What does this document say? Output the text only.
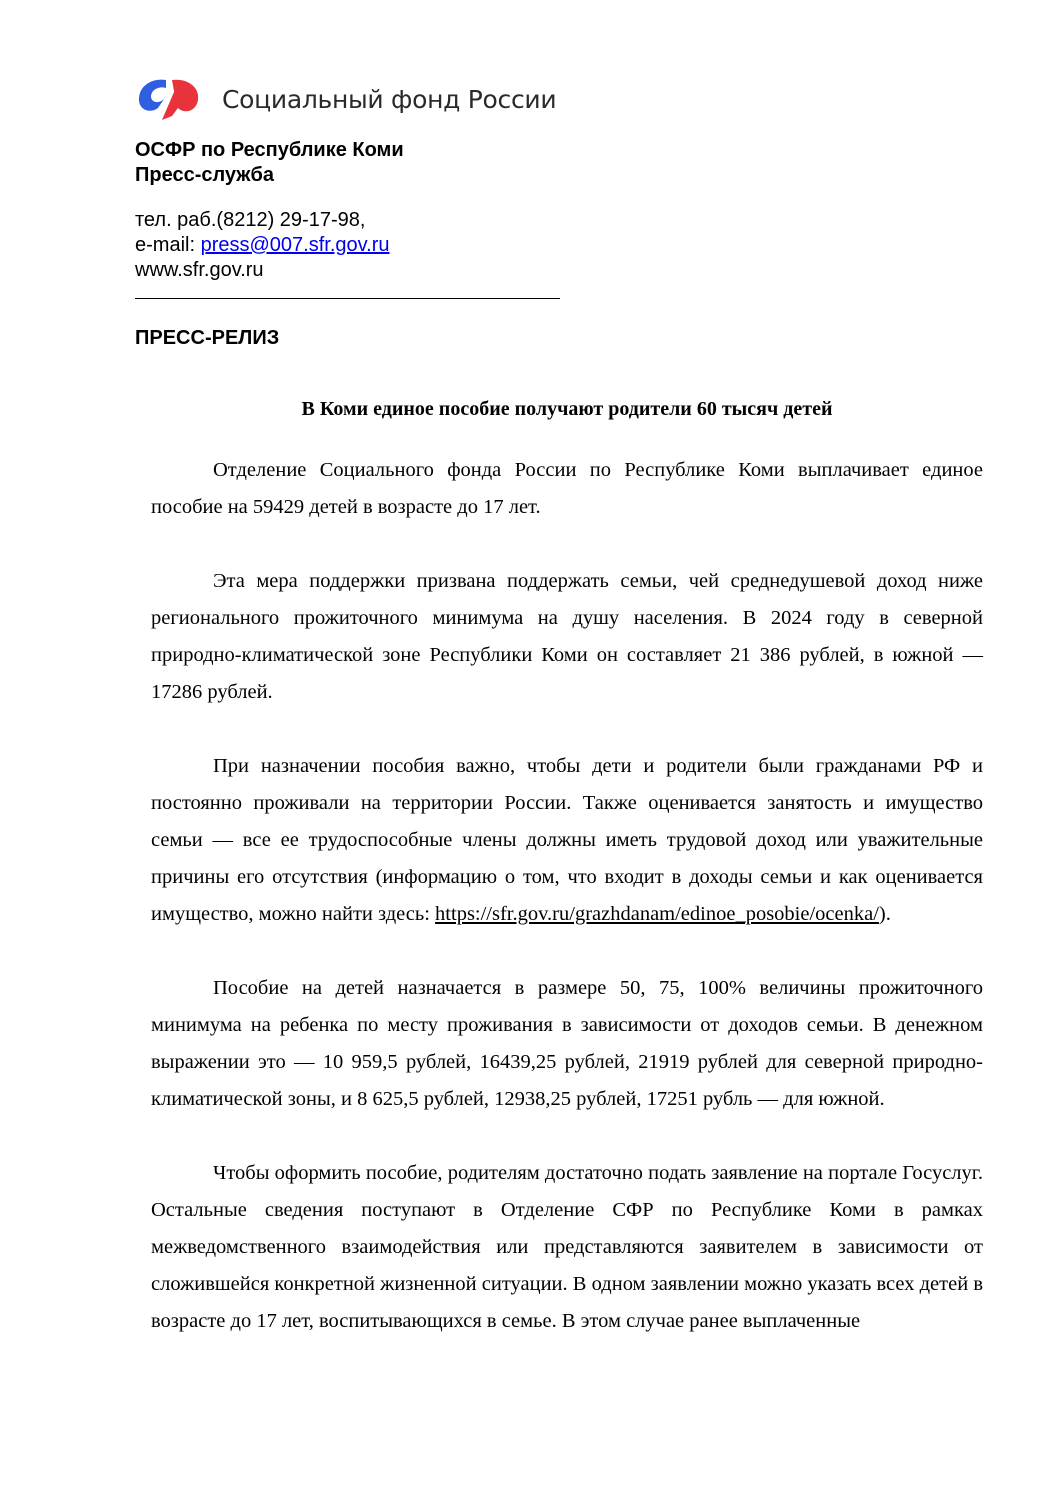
Социальный фонд России
ОСФР по Республике Коми
Пресс-служба
тел. раб.(8212) 29-17-98,
e-mail: press@007.sfr.gov.ru
www.sfr.gov.ru
ПРЕСС-РЕЛИЗ
В Коми единое пособие получают родители 60 тысяч детей

Отделение Социального фонда России по Республике Коми выплачивает единое пособие на 59429 детей в возрасте до 17 лет.

Эта мера поддержки призвана поддержать семьи, чей среднедушевой доход ниже регионального прожиточного минимума на душу населения. В 2024 году в северной природно-климатической зоне Республики Коми он составляет 21 386 рублей, в южной — 17286 рублей.

При назначении пособия важно, чтобы дети и родители были гражданами РФ и постоянно проживали на территории России. Также оценивается занятость и имущество семьи — все ее трудоспособные члены должны иметь трудовой доход или уважительные причины его отсутствия (информацию о том, что входит в доходы семьи и как оценивается имущество, можно найти здесь: https://sfr.gov.ru/grazhdanam/edinoe_posobie/ocenka/).

Пособие на детей назначается в размере 50, 75, 100% величины прожиточного минимума на ребенка по месту проживания в зависимости от доходов семьи. В денежном выражении это — 10 959,5 рублей, 16439,25 рублей, 21919 рублей для северной природно-климатической зоны, и 8 625,5 рублей, 12938,25 рублей, 17251 рубль — для южной.

Чтобы оформить пособие, родителям достаточно подать заявление на портале Госуслуг. Остальные сведения поступают в Отделение СФР по Республике Коми в рамках межведомственного взаимодействия или представляются заявителем в зависимости от сложившейся конкретной жизненной ситуации. В одном заявлении можно указать всех детей в возрасте до 17 лет, воспитывающихся в семье. В этом случае ранее выплаченные
